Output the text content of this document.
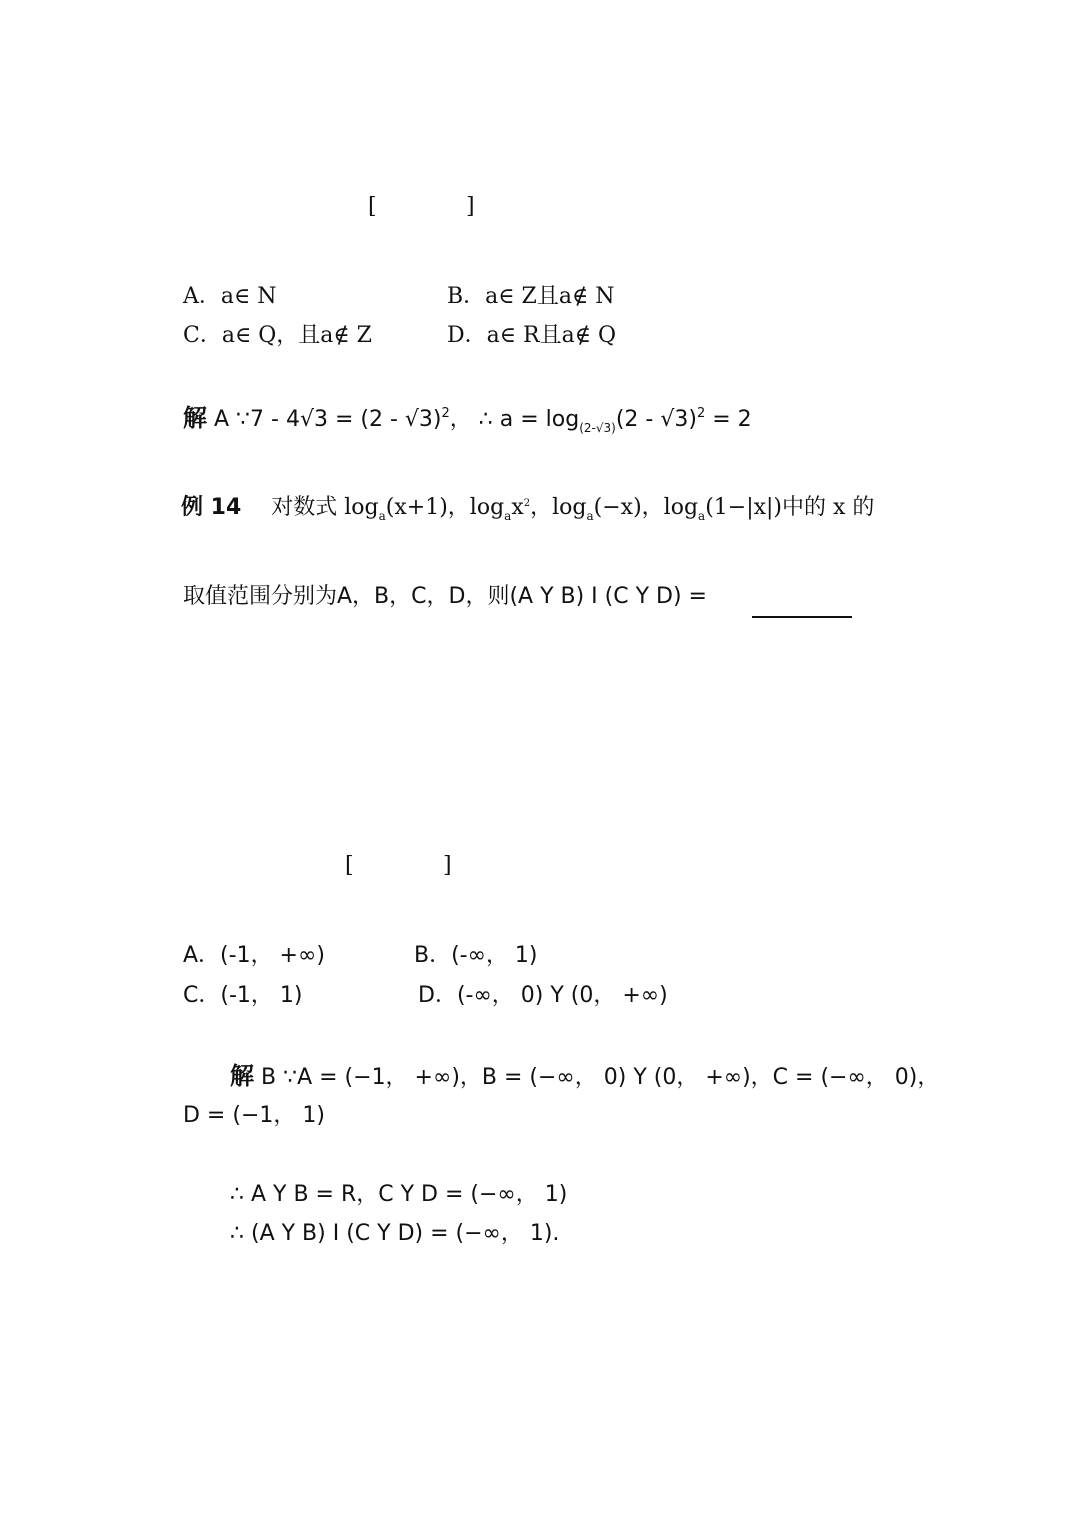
[	]
A．a∈ N	B．a∈ Z且a∉ N
C．a∈ Q，且a∉ Z	D．a∈ R且a∉ Q
解 A ∵7 - 4√3 = (2 - √3)$^2$， ∴ $a = \log_{(2-√3)}(2 - √3)^2 = 2$
例 14 对数式 $\log_a(x+1)$，$\log_ax^2$，$\log_a(-x)$，$\log_a(1-|x|)$中的 x 的
取值范围分别为A，B，C，D，则(A Y B) I (C Y D) =
[	]
A．(-1， +∞)	B．(-∞， 1)
C．(-1， 1)	D．(-∞， 0) Y (0， +∞)
解 B ∵A = (−1， +∞)，B = (−∞， 0) Y (0， +∞)，C = (−∞， 0)，
D = (−1， 1)
∴ A Y B = R，C Y D = (−∞， 1)
∴ (A Y B) I (C Y D) = (−∞， 1).
